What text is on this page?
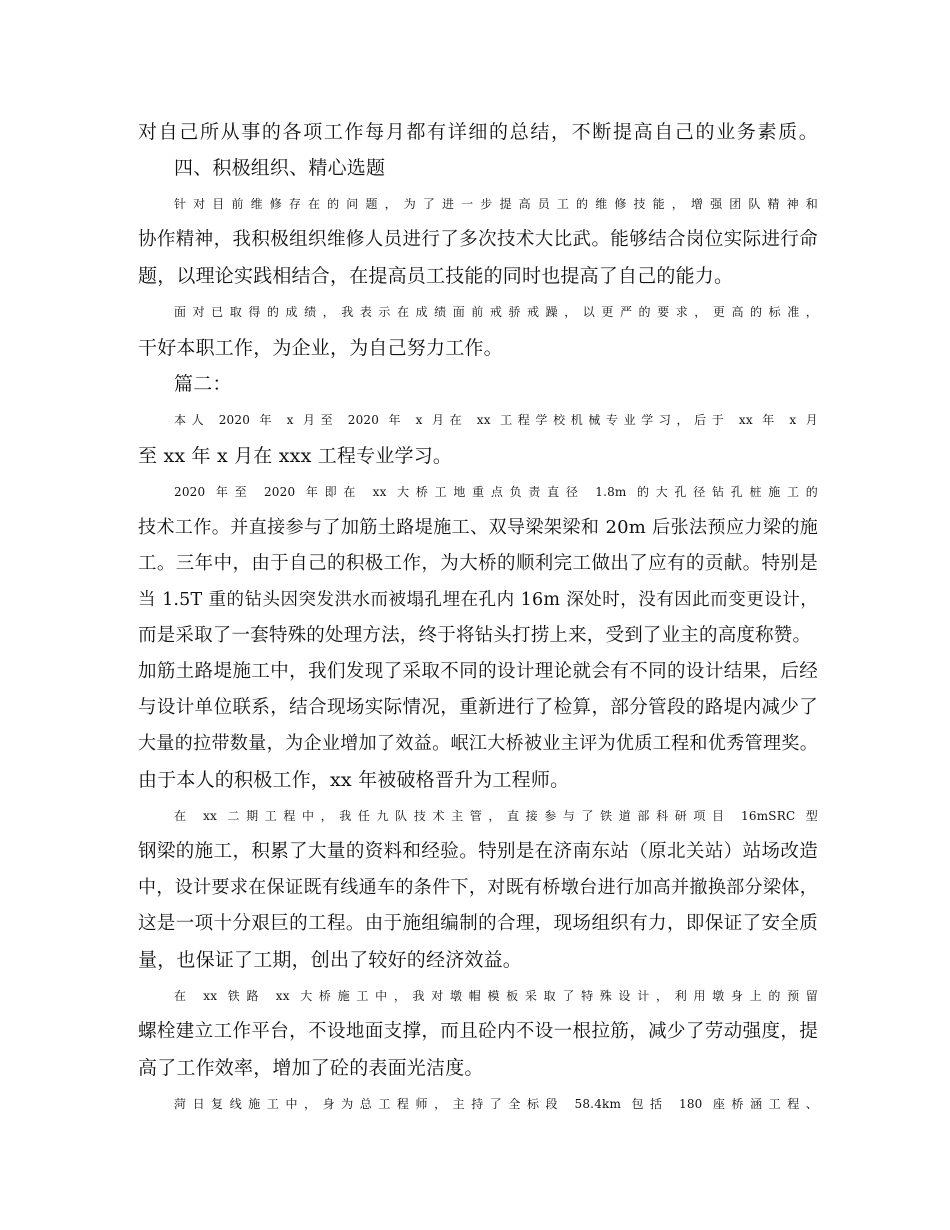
对自己所从事的各项工作每月都有详细的总结，不断提高自己的业务素质。
四、积极组织、精心选题
针对目前维修存在的问题，为了进一步提高员工的维修技能，增强团队精神和
协作精神，我积极组织维修人员进行了多次技术大比武。能够结合岗位实际进行命
题，以理论实践相结合，在提高员工技能的同时也提高了自己的能力。
面对已取得的成绩，我表示在成绩面前戒骄戒躁，以更严的要求，更高的标准，
干好本职工作，为企业，为自己努力工作。
篇二：
本人 2020 年 x 月至 2020 年 x 月在 xx 工程学校机械专业学习，后于 xx 年 x 月
至 xx 年 x 月在 xxx 工程专业学习。
2020 年至 2020 年即在 xx 大桥工地重点负责直径 1.8m 的大孔径钻孔桩施工的
技术工作。并直接参与了加筋土路堤施工、双导梁架梁和 20m 后张法预应力梁的施
工。三年中，由于自己的积极工作，为大桥的顺利完工做出了应有的贡献。特别是
当 1.5T 重的钻头因突发洪水而被塌孔埋在孔内 16m 深处时，没有因此而变更设计，
而是采取了一套特殊的处理方法，终于将钻头打捞上来，受到了业主的高度称赞。
加筋土路堤施工中，我们发现了采取不同的设计理论就会有不同的设计结果，后经
与设计单位联系，结合现场实际情况，重新进行了检算，部分管段的路堤内减少了
大量的拉带数量，为企业增加了效益。岷江大桥被业主评为优质工程和优秀管理奖。
由于本人的积极工作，xx 年被破格晋升为工程师。
在 xx 二期工程中，我任九队技术主管，直接参与了铁道部科研项目 16mSRC 型
钢梁的施工，积累了大量的资料和经验。特别是在济南东站（原北关站）站场改造
中，设计要求在保证既有线通车的条件下，对既有桥墩台进行加高并撤换部分梁体，
这是一项十分艰巨的工程。由于施组编制的合理，现场组织有力，即保证了安全质
量，也保证了工期，创出了较好的经济效益。
在 xx 铁路 xx 大桥施工中，我对墩帽模板采取了特殊设计，利用墩身上的预留
螺栓建立工作平台，不设地面支撑，而且砼内不设一根拉筋，减少了劳动强度，提
高了工作效率，增加了砼的表面光洁度。
菏日复线施工中，身为总工程师，主持了全标段 58.4km 包括 180 座桥涵工程、
